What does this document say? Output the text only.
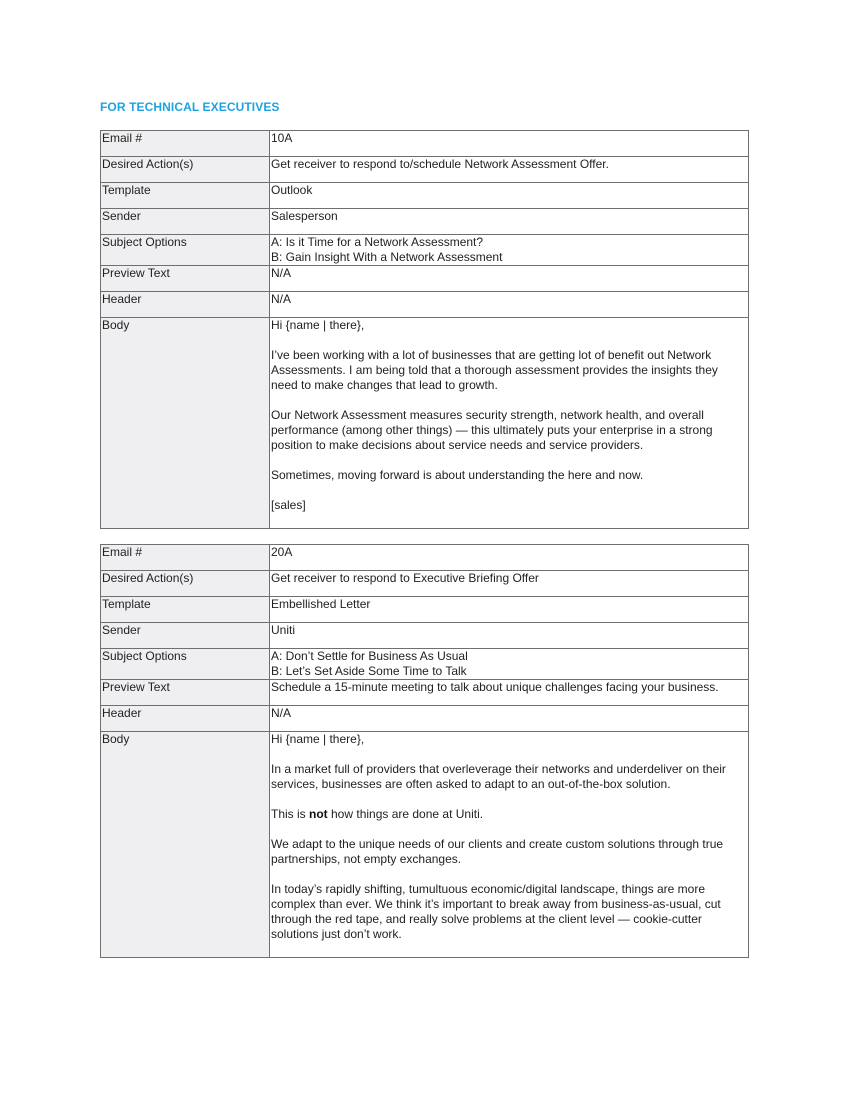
FOR TECHNICAL EXECUTIVES
Email #	10A
Desired Action(s)	Get receiver to respond to/schedule Network Assessment Offer.
Template	Outlook
Sender	Salesperson
Subject Options	A: Is it Time for a Network Assessment?
B: Gain Insight With a Network Assessment

Preview Text	N/A
Header	N/A
Body	Hi {name | there},
I’ve been working with a lot of businesses that are getting lot of benefit out Network Assessments. I am being told that a thorough assessment provides the insights they need to make changes that lead to growth.
Our Network Assessment measures security strength, network health, and overall performance (among other things) — this ultimately puts your enterprise in a strong position to make decisions about service needs and service providers.
Sometimes, moving forward is about understanding the here and now.
[sales]
Email #	20A
Desired Action(s)	Get receiver to respond to Executive Briefing Offer
Template	Embellished Letter
Sender	Uniti
Subject Options	A: Don’t Settle for Business As Usual
B: Let’s Set Aside Some Time to Talk

Preview Text	Schedule a 15-minute meeting to talk about unique challenges facing your business.
Header	N/A
Body	Hi {name | there},
In a market full of providers that overleverage their networks and underdeliver on their services, businesses are often asked to adapt to an out-of-the-box solution.
This is not how things are done at Uniti.
We adapt to the unique needs of our clients and create custom solutions through true partnerships, not empty exchanges.
In today’s rapidly shifting, tumultuous economic/digital landscape, things are more complex than ever. We think it’s important to break away from business-as-usual, cut through the red tape, and really solve problems at the client level — cookie-cutter solutions just don’t work.
